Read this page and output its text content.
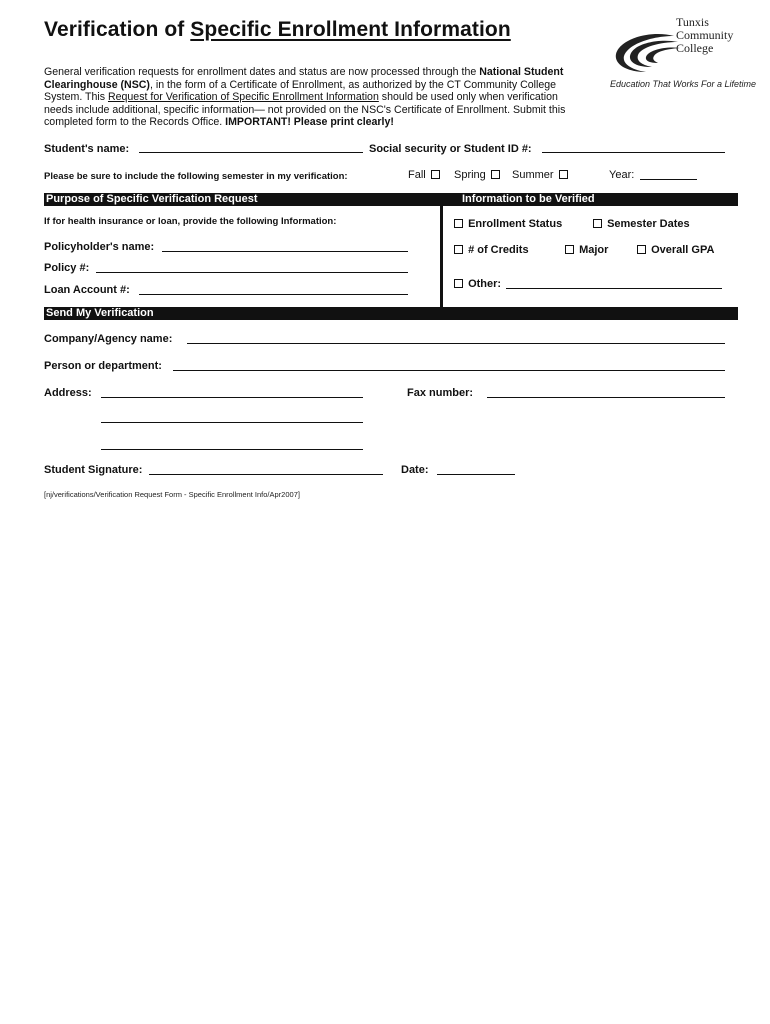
Verification of Specific Enrollment Information	Tunxis
Community
College
Education That Works For a Lifetime
General verification requests for enrollment dates and status are now processed through the National Student Clearinghouse (NSC), in the form of a Certificate of Enrollment, as authorized by the CT Community College System. This Request for Verification of Specific Enrollment Information should be used only when verification needs include additional, specific information— not provided on the NSC's Certificate of Enrollment. Submit this completed form to the Records Office. IMPORTANT! Please print clearly!
Student's name:	Social security or Student ID #:
Please be sure to include the following semester in my verification:	Fall	Spring	Summer	Year:
Purpose of Specific Verification Request	Information to be Verified
If for health insurance or loan, provide the following Information:
Policyholder's name:
Policy #:
Loan Account #:
Enrollment Status	Semester Dates
# of Credits	Major	Overall GPA
Other:
Send My Verification
Company/Agency name:
Person or department:
Address:	Fax number:
Student Signature:	Date:
[nj/verifications/Verification Request Form - Specific Enrollment Info/Apr2007]
